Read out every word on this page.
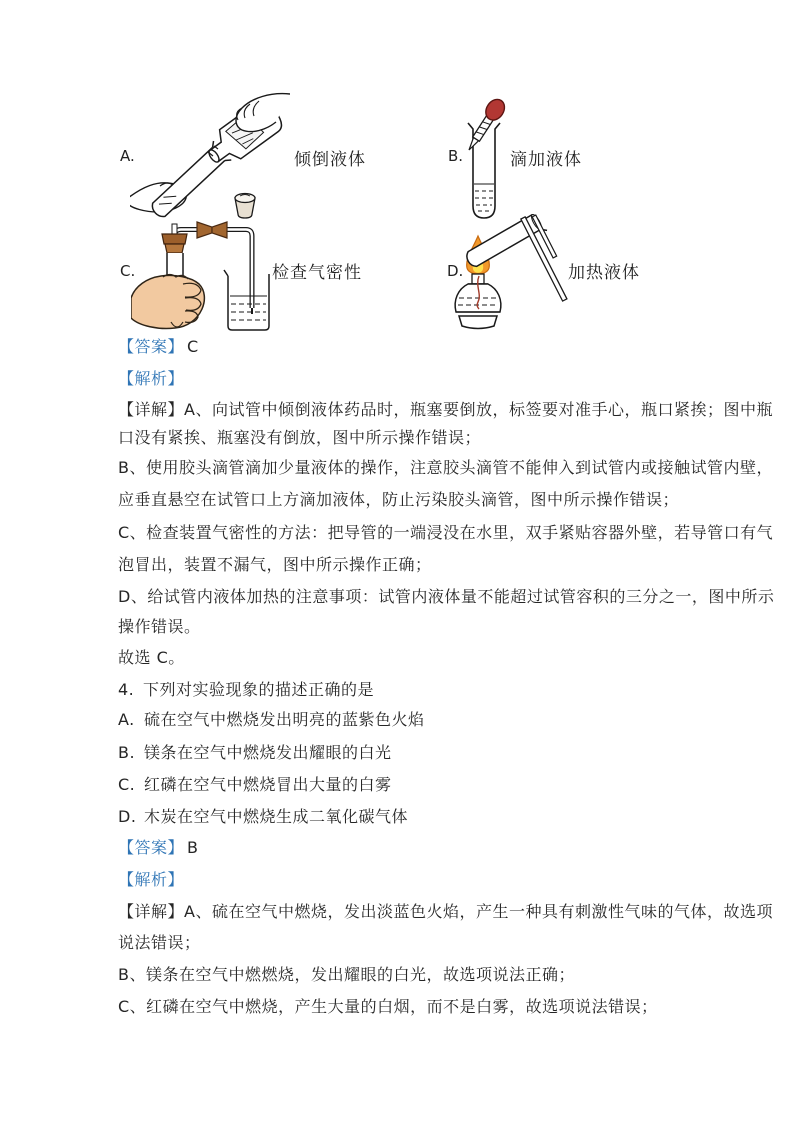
A.	倾倒液体	B.	滴加液体
C.	检查气密性	D.	加热液体
【答案】 C
【解析】
【详解】A、向试管中倾倒液体药品时，瓶塞要倒放，标签要对准手心，瓶口紧挨；图中瓶
口没有紧挨、瓶塞没有倒放，图中所示操作错误；
B、使用胶头滴管滴加少量液体的操作，注意胶头滴管不能伸入到试管内或接触试管内壁，
应垂直悬空在试管口上方滴加液体，防止污染胶头滴管，图中所示操作错误；
C、检查装置气密性的方法：把导管的一端浸没在水里，双手紧贴容器外壁，若导管口有气
泡冒出，装置不漏气，图中所示操作正确；
D、给试管内液体加热的注意事项：试管内液体量不能超过试管容积的三分之一，图中所示
操作错误。
故选 C。
4. 下列对实验现象的描述正确的是
A. 硫在空气中燃烧发出明亮的蓝紫色火焰
B. 镁条在空气中燃烧发出耀眼的白光
C. 红磷在空气中燃烧冒出大量的白雾
D. 木炭在空气中燃烧生成二氧化碳气体
【答案】 B
【解析】
【详解】A、硫在空气中燃烧，发出淡蓝色火焰，产生一种具有刺激性气味的气体，故选项
说法错误；
B、镁条在空气中燃燃烧，发出耀眼的白光，故选项说法正确；
C、红磷在空气中燃烧，产生大量的白烟，而不是白雾，故选项说法错误；
